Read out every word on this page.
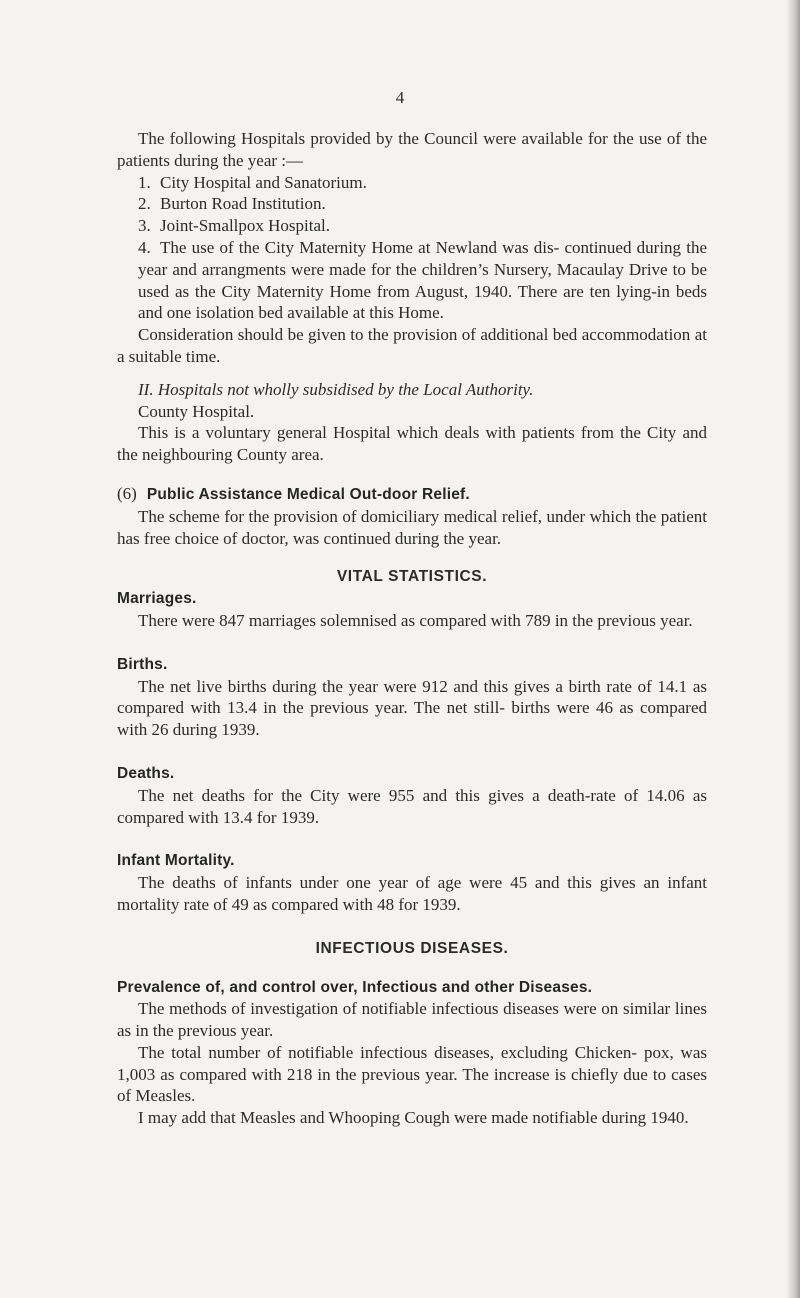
4

The following Hospitals provided by the Council were available for the use of the patients during the year :—

1. City Hospital and Sanatorium.
2. Burton Road Institution.
3. Joint-Smallpox Hospital.

4. The use of the City Maternity Home at Newland was dis- continued during the year and arrangments were made for the children’s Nursery, Macaulay Drive to be used as the City Maternity Home from August, 1940. There are ten lying-in beds and one isolation bed available at this Home.

Consideration should be given to the provision of additional bed accommodation at a suitable time.

II. Hospitals not wholly subsidised by the Local Authority.

County Hospital.

This is a voluntary general Hospital which deals with patients from the City and the neighbouring County area.

(6) Public Assistance Medical Out-door Relief.

The scheme for the provision of domiciliary medical relief, under which the patient has free choice of doctor, was continued during the year.

VITAL STATISTICS.

Marriages.

There were 847 marriages solemnised as compared with 789 in the previous year.

Births.

The net live births during the year were 912 and this gives a birth rate of 14.1 as compared with 13.4 in the previous year. The net still- births were 46 as compared with 26 during 1939.

Deaths.

The net deaths for the City were 955 and this gives a death-rate of 14.06 as compared with 13.4 for 1939.

Infant Mortality.

The deaths of infants under one year of age were 45 and this gives an infant mortality rate of 49 as compared with 48 for 1939.

INFECTIOUS DISEASES.

Prevalence of, and control over, Infectious and other Diseases.

The methods of investigation of notifiable infectious diseases were on similar lines as in the previous year.

The total number of notifiable infectious diseases, excluding Chicken- pox, was 1,003 as compared with 218 in the previous year. The increase is chiefly due to cases of Measles.

I may add that Measles and Whooping Cough were made notifiable during 1940.
